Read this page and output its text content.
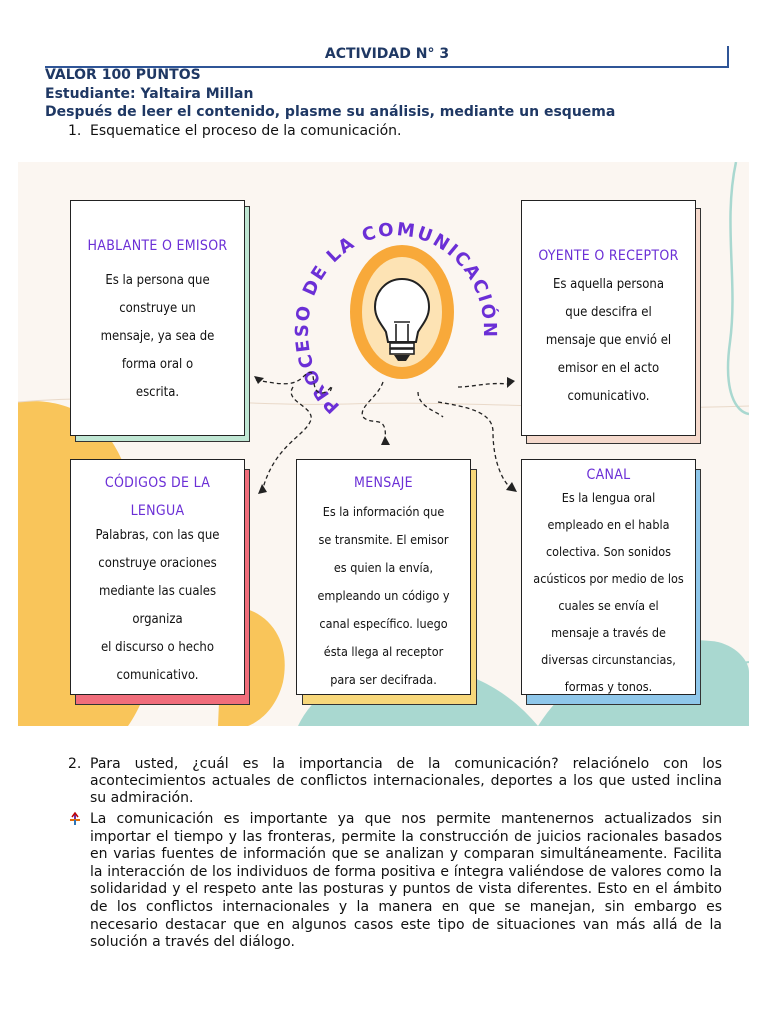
ACTIVIDAD N° 3
VALOR 100 PUNTOS
Estudiante: Yaltaira Millan
Después de leer el contenido, plasme su análisis, mediante un esquema
1. Esquematice el proceso de la comunicación.
PROCESO DE LA COMUNICACIÓN
HABLANTE O EMISOR
Es la persona que
construye un
mensaje, ya sea de
forma oral o
escrita.
OYENTE O RECEPTOR
Es aquella persona
que descifra el
mensaje que envió el
emisor en el acto
comunicativo.
CÓDIGOS DE LA
LENGUA
Palabras, con las que
construye oraciones
mediante las cuales
organiza
el discurso o hecho
comunicativo.
MENSAJE
Es la información que
se transmite. El emisor
es quien la envía,
empleando un código y
canal específico. luego
ésta llega al receptor
para ser decifrada.
CANAL
Es la lengua oral
empleado en el habla
colectiva. Son sonidos
acústicos por medio de los
cuales se envía el
mensaje a través de
diversas circunstancias,
formas y tonos.
2. Para usted, ¿cuál es la importancia de la comunicación? relaciónelo con los acontecimientos actuales de conflictos internacionales, deportes a los que usted inclina su admiración.
La comunicación es importante ya que nos permite mantenernos actualizados sin importar el tiempo y las fronteras, permite la construcción de juicios racionales basados en varias fuentes de información que se analizan y comparan simultáneamente. Facilita la interacción de los individuos de forma positiva e íntegra valiéndose de valores como la solidaridad y el respeto ante las posturas y puntos de vista diferentes. Esto en el ámbito de los conflictos internacionales y la manera en que se manejan, sin embargo es necesario destacar que en algunos casos este tipo de situaciones van más allá de la solución a través del diálogo.
